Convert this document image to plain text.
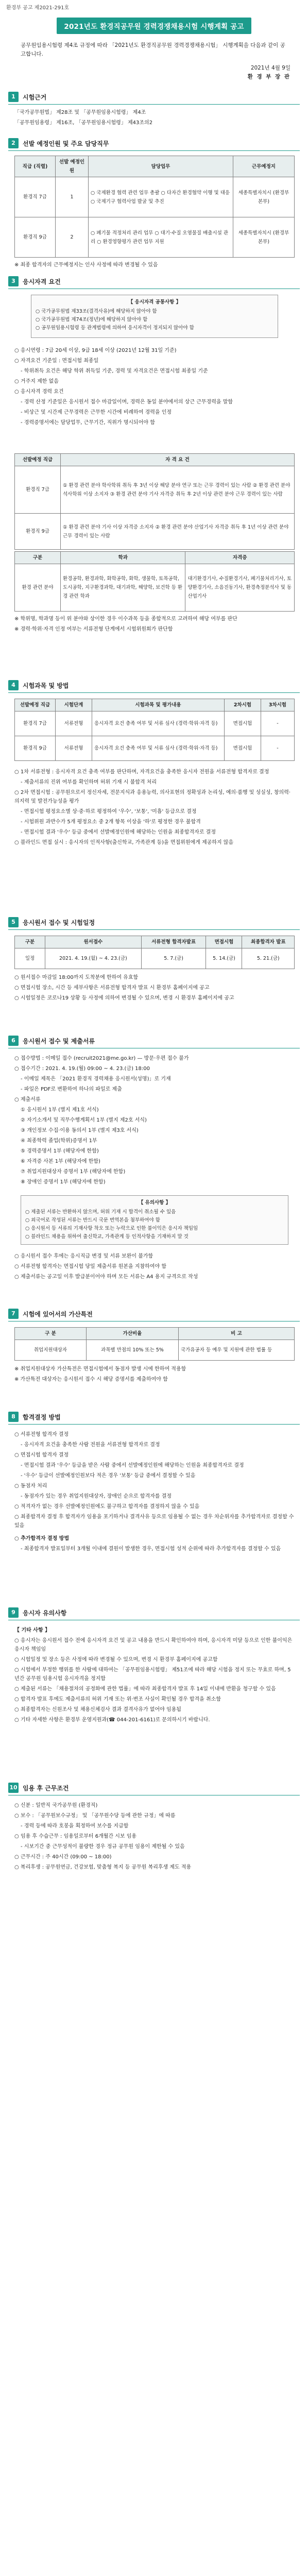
환경부 공고 제2021-291호
2021년도 환경직공무원 경력경쟁채용시험 시행계획 공고
공무원임용시험령 제4조 규정에 따라 「2021년도 환경직공무원 경력경쟁채용시험」 시행계획을 다음과 같이 공고합니다.
2021년 4월 9일
환 경 부 장 관
1	시험근거

「국가공무원법」 제28조 및 「공무원임용시험령」 제4조

「공무원임용령」 제16조, 「공무원임용시험령」 제43조의2

2	선발 예정인원 및 주요 담당직무
직급 (직렬)	선발 예정인원	담당업무	근무예정지
환경직 7급	1	○ 국제환경 협력 관련 업무 총괄 ○ 다자간 환경협약 이행 및 대응 ○ 국제기구 협력사업 발굴 및 추진	세종특별자치시 (환경부 본부)
환경직 9급	2	○ 폐기물 적정처리 관리 업무 ○ 대기·수질 오염물질 배출시설 관리 ○ 환경영향평가 관련 업무 지원	세종특별자치시 (환경부 본부)

※ 최종 합격자의 근무예정지는 인사 사정에 따라 변경될 수 있음

3	응시자격 요건
【 응시자격 공통사항 】

○ 국가공무원법 제33조(결격사유)에 해당하지 않아야 함

○ 국가공무원법 제74조(정년)에 해당하지 않아야 함

○ 공무원임용시험령 등 관계법령에 의하여 응시자격이 정지되지 않아야 함

○ 응시연령 : 7급 20세 이상, 9급 18세 이상 (2021년 12월 31일 기준)

○ 자격요건 기준일 : 면접시험 최종일

- 학위취득 요건은 해당 학위 취득일 기준, 경력 및 자격요건은 면접시험 최종일 기준

○ 거주지 제한 없음

○ 응시자격 경력 요건

- 경력 산정 기준일은 응시원서 접수 마감일이며, 경력은 동일 분야에서의 상근 근무경력을 말함

- 비상근 및 시간제 근무경력은 근무한 시간에 비례하여 경력을 인정

- 경력증명서에는 담당업무, 근무기간, 직위가 명시되어야 함

선발예정 직급	자 격 요 건
환경직 7급	① 환경 관련 분야 학사학위 취득 후 3년 이상 해당 분야 연구 또는 근무 경력이 있는 사람 ② 환경 관련 분야 석사학위 이상 소지자 ③ 환경 관련 분야 기사 자격증 취득 후 2년 이상 관련 분야 근무 경력이 있는 사람
환경직 9급	① 환경 관련 분야 기사 이상 자격증 소지자 ② 환경 관련 분야 산업기사 자격증 취득 후 1년 이상 관련 분야 근무 경력이 있는 사람
구분	학과	자격증
환경 관련 분야	환경공학, 환경과학, 화학공학, 화학, 생물학, 토목공학, 도시공학, 지구환경과학, 대기과학, 해양학, 보건학 등 환경 관련 학과	대기환경기사, 수질환경기사, 폐기물처리기사, 토양환경기사, 소음진동기사, 환경측정분석사 및 동 산업기사

※ 학위명, 학과명 등이 위 분야와 상이한 경우 이수과목 등을 종합적으로 고려하여 해당 여부를 판단

※ 경력·학위·자격 인정 여부는 서류전형 단계에서 시험위원회가 판단함

4	시험과목 및 방법
선발예정 직급	시험단계	시험과목 및 평가내용	2차시험	3차시험
환경직 7급	서류전형	응시자격 요건 충족 여부 및 서류 심사 (경력·학위·자격 등)	면접시험	-
환경직 9급	서류전형	응시자격 요건 충족 여부 및 서류 심사 (경력·학위·자격 등)	면접시험	-

○ 1차 서류전형 : 응시자격 요건 충족 여부를 판단하며, 자격요건을 충족한 응시자 전원을 서류전형 합격자로 결정

- 제출서류의 진위 여부를 확인하며 허위 기재 시 불합격 처리

○ 2차 면접시험 : 공무원으로서 정신자세, 전문지식과 응용능력, 의사표현의 정확성과 논리성, 예의·품행 및 성실성, 창의력·의지력 및 발전가능성을 평가

- 면접시험 평정요소별 상·중·하로 평정하여 '우수', '보통', '미흡' 등급으로 결정

- 시험위원 과반수가 5개 평정요소 중 2개 항목 이상을 '하'로 평정한 경우 불합격

- 면접시험 결과 '우수' 등급 중에서 선발예정인원에 해당하는 인원을 최종합격자로 결정

○ 블라인드 면접 실시 : 응시자의 인적사항(출신학교, 가족관계 등)을 면접위원에게 제공하지 않음

5	응시원서 접수 및 시험일정
구분	원서접수	서류전형 합격자발표	면접시험	최종합격자 발표
일정	2021. 4. 19.(월) ~ 4. 23.(금)	5. 7.(금)	5. 14.(금)	5. 21.(금)

○ 원서접수 마감일 18:00까지 도착분에 한하여 유효함

○ 면접시험 장소, 시간 등 세부사항은 서류전형 합격자 발표 시 환경부 홈페이지에 공고

○ 시험일정은 코로나19 상황 등 사정에 의하여 변경될 수 있으며, 변경 시 환경부 홈페이지에 공고

6	응시원서 접수 및 제출서류

○ 접수방법 : 이메일 접수 (recruit2021@me.go.kr) — 방문·우편 접수 불가

○ 접수기간 : 2021. 4. 19.(월) 09:00 ~ 4. 23.(금) 18:00

- 이메일 제목은 「2021 환경직 경력채용 응시원서(성명)」로 기재

- 파일은 PDF로 변환하여 하나의 파일로 제출

○ 제출서류

① 응시원서 1부 (별지 제1호 서식)

② 자기소개서 및 직무수행계획서 1부 (별지 제2호 서식)

③ 개인정보 수집·이용 동의서 1부 (별지 제3호 서식)

④ 최종학력 졸업(학위)증명서 1부

⑤ 경력증명서 1부 (해당자에 한함)

⑥ 자격증 사본 1부 (해당자에 한함)

⑦ 취업지원대상자 증명서 1부 (해당자에 한함)

⑧ 장애인 증명서 1부 (해당자에 한함)

【 유의사항 】

○ 제출된 서류는 반환하지 않으며, 허위 기재 시 합격이 취소될 수 있음

○ 외국어로 작성된 서류는 반드시 국문 번역본을 첨부하여야 함

○ 응시원서 등 서류의 기재사항 착오 또는 누락으로 인한 불이익은 응시자 책임임

○ 블라인드 채용을 위하여 출신학교, 가족관계 등 인적사항을 기재하지 말 것

○ 응시원서 접수 후에는 응시직급 변경 및 서류 보완이 불가함

○ 서류전형 합격자는 면접시험 당일 제출서류 원본을 지참하여야 함

○ 제출서류는 공고일 이후 발급분이어야 하며 모든 서류는 A4 용지 규격으로 작성

7	시험에 있어서의 가산특전
구 분	가산비율	비 고
취업지원대상자	과목별 만점의 10% 또는 5%	국가유공자 등 예우 및 지원에 관한 법률 등

※ 취업지원대상자 가산특전은 면접시험에서 동점자 발생 시에 한하여 적용함

※ 가산특전 대상자는 응시원서 접수 시 해당 증명서를 제출하여야 함

8	합격결정 방법

○ 서류전형 합격자 결정

- 응시자격 요건을 충족한 사람 전원을 서류전형 합격자로 결정

○ 면접시험 합격자 결정

- 면접시험 결과 '우수' 등급을 받은 사람 중에서 선발예정인원에 해당하는 인원을 최종합격자로 결정

- '우수' 등급이 선발예정인원보다 적은 경우 '보통' 등급 중에서 결정할 수 있음

○ 동점자 처리

- 동점자가 있는 경우 취업지원대상자, 장애인 순으로 합격자를 결정

○ 적격자가 없는 경우 선발예정인원에도 불구하고 합격자를 결정하지 않을 수 있음

○ 최종합격자 결정 후 합격자가 임용을 포기하거나 결격사유 등으로 임용될 수 없는 경우 차순위자를 추가합격자로 결정할 수 있음

○ 추가합격자 결정 방법

- 최종합격자 발표일부터 3개월 이내에 결원이 발생한 경우, 면접시험 성적 순위에 따라 추가합격자를 결정할 수 있음

9	응시자 유의사항

【 기타 사항 】

○ 응시자는 응시원서 접수 전에 응시자격 요건 및 공고 내용을 반드시 확인하여야 하며, 응시자격 미달 등으로 인한 불이익은 응시자 책임임

○ 시험일정 및 장소 등은 사정에 따라 변경될 수 있으며, 변경 시 환경부 홈페이지에 공고함

○ 시험에서 부정한 행위를 한 사람에 대하여는 「공무원임용시험령」 제51조에 따라 해당 시험을 정지 또는 무효로 하며, 5년간 공무원 임용시험 응시자격을 정지함

○ 제출된 서류는 「채용절차의 공정화에 관한 법률」에 따라 최종합격자 발표 후 14일 이내에 반환을 청구할 수 있음

○ 합격자 발표 후에도 제출서류의 허위 기재 또는 위·변조 사실이 확인될 경우 합격을 취소함

○ 최종합격자는 신원조사 및 채용신체검사 결과 결격사유가 없어야 임용됨

○ 기타 자세한 사항은 환경부 운영지원과(☎ 044-201-6161)로 문의하시기 바랍니다.

10 임용 후 근무조건

○ 신분 : 일반직 국가공무원 (환경직)

○ 보수 : 「공무원보수규정」 및 「공무원수당 등에 관한 규정」에 따름

- 경력 등에 따라 호봉을 획정하여 보수를 지급함

○ 임용 후 수습근무 : 임용일로부터 6개월간 시보 임용

- 시보기간 중 근무성적이 불량한 경우 정규 공무원 임용이 제한될 수 있음

○ 근무시간 : 주 40시간 (09:00 ~ 18:00)

○ 복리후생 : 공무원연금, 건강보험, 맞춤형 복지 등 공무원 복리후생 제도 적용
